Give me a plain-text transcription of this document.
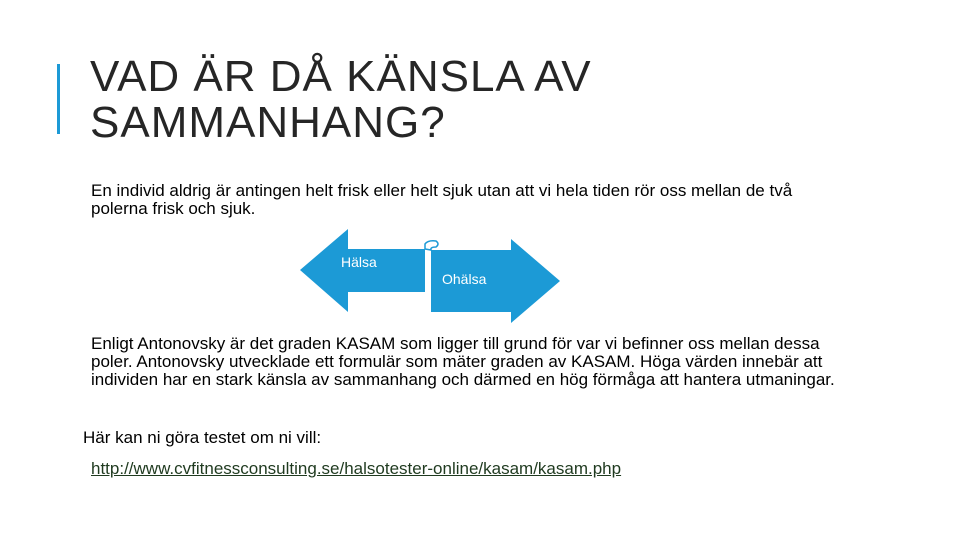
VAD ÄR DÅ KÄNSLA AV
SAMMANHANG?

En individ aldrig är antingen helt frisk eller helt sjuk utan att vi hela tiden rör oss mellan de två polerna frisk och sjuk.

Hälsa
Ohälsa

Enligt Antonovsky är det graden KASAM som ligger till grund för var vi befinner oss mellan dessa poler. Antonovsky utvecklade ett formulär som mäter graden av KASAM. Höga värden innebär att individen har en stark känsla av sammanhang och därmed en hög förmåga att hantera utmaningar.

Här kan ni göra testet om ni vill:

http://www.cvfitnessconsulting.se/halsotester-online/kasam/kasam.php
